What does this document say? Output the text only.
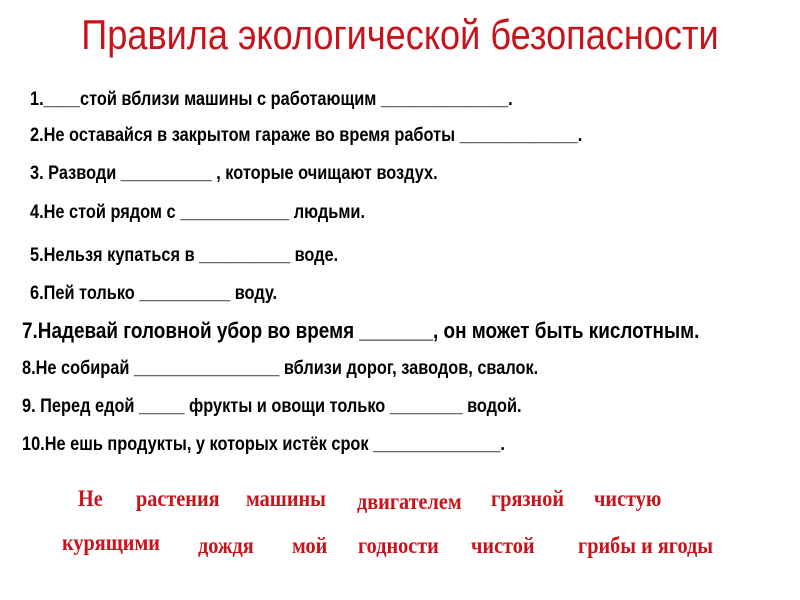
Правила экологической безопасности
1.____стой вблизи машины с работающим ______________.
2.Не оставайся в закрытом гараже во время работы _____________.
3. Разводи __________ , которые очищают воздух.
4.Не стой рядом с ____________ людьми.
5.Нельзя купаться в __________ воде.
6.Пей только __________ воду.
7.Надевай головной убор во время _______, он может быть кислотным.
8.Не собирай ________________ вблизи дорог, заводов, свалок.
9. Перед едой _____ фрукты и овощи только ________ водой.
10.Не ешь продукты, у которых истёк срок ______________.
Не растения машины двигателем грязной чистую
курящими дождя мой годности чистой грибы и ягоды
